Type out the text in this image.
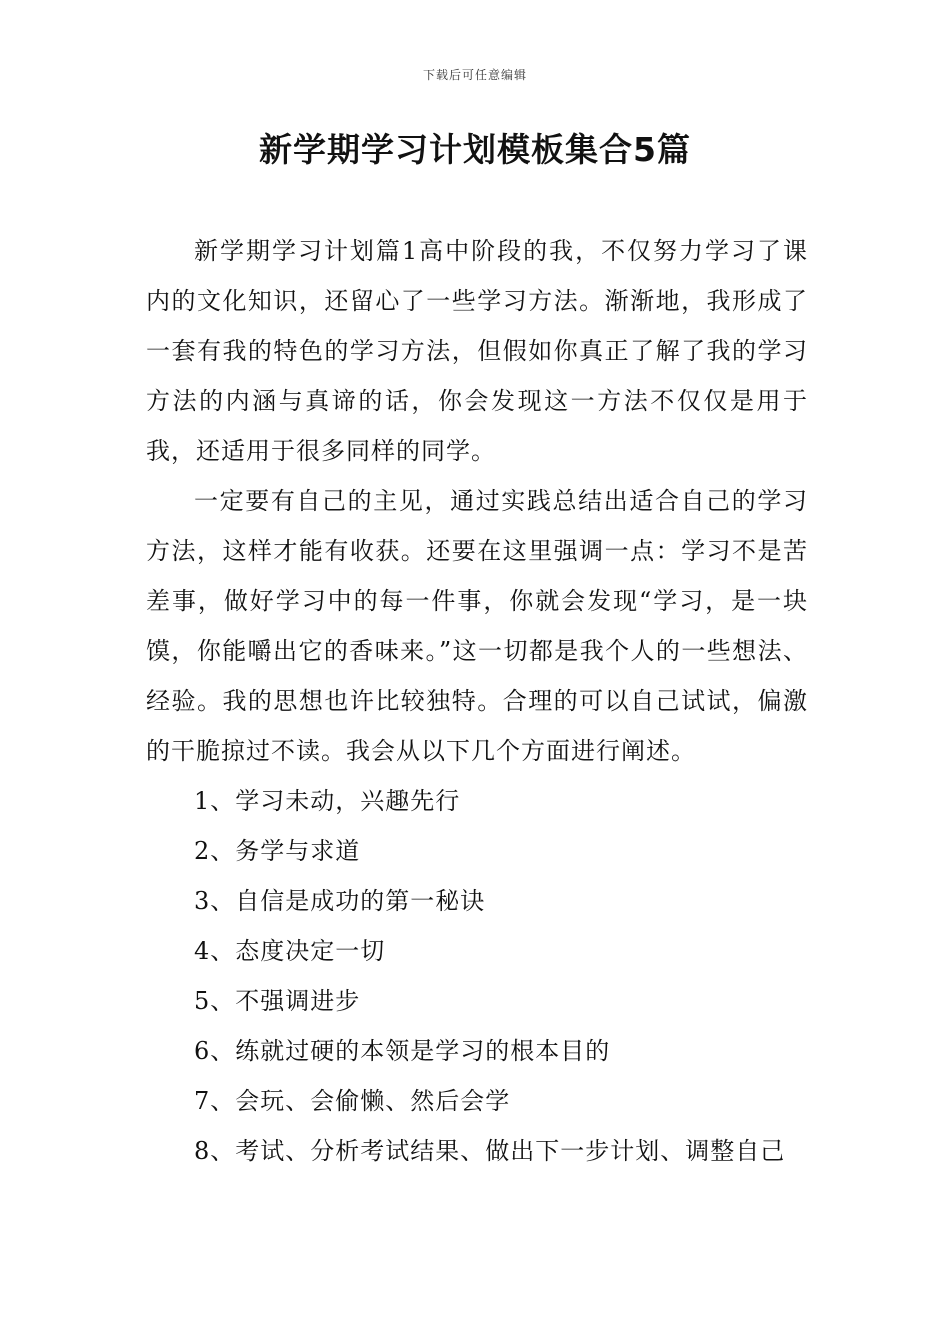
下载后可任意编辑
新学期学习计划模板集合5篇

新学期学习计划篇1高中阶段的我，不仅努力学习了课内的文化知识，还留心了一些学习方法。渐渐地，我形成了一套有我的特色的学习方法，但假如你真正了解了我的学习方法的内涵与真谛的话，你会发现这一方法不仅仅是用于我，还适用于很多同样的同学。

一定要有自己的主见，通过实践总结出适合自己的学习方法，这样才能有收获。还要在这里强调一点：学习不是苦差事，做好学习中的每一件事，你就会发现“学习，是一块馍，你能嚼出它的香味来。”这一切都是我个人的一些想法、经验。我的思想也许比较独特。合理的可以自己试试，偏激的干脆掠过不读。我会从以下几个方面进行阐述。

1、学习未动，兴趣先行
2、务学与求道
3、自信是成功的第一秘诀
4、态度决定一切
5、不强调进步
6、练就过硬的本领是学习的根本目的
7、会玩、会偷懒、然后会学
8、考试、分析考试结果、做出下一步计划、调整自己
